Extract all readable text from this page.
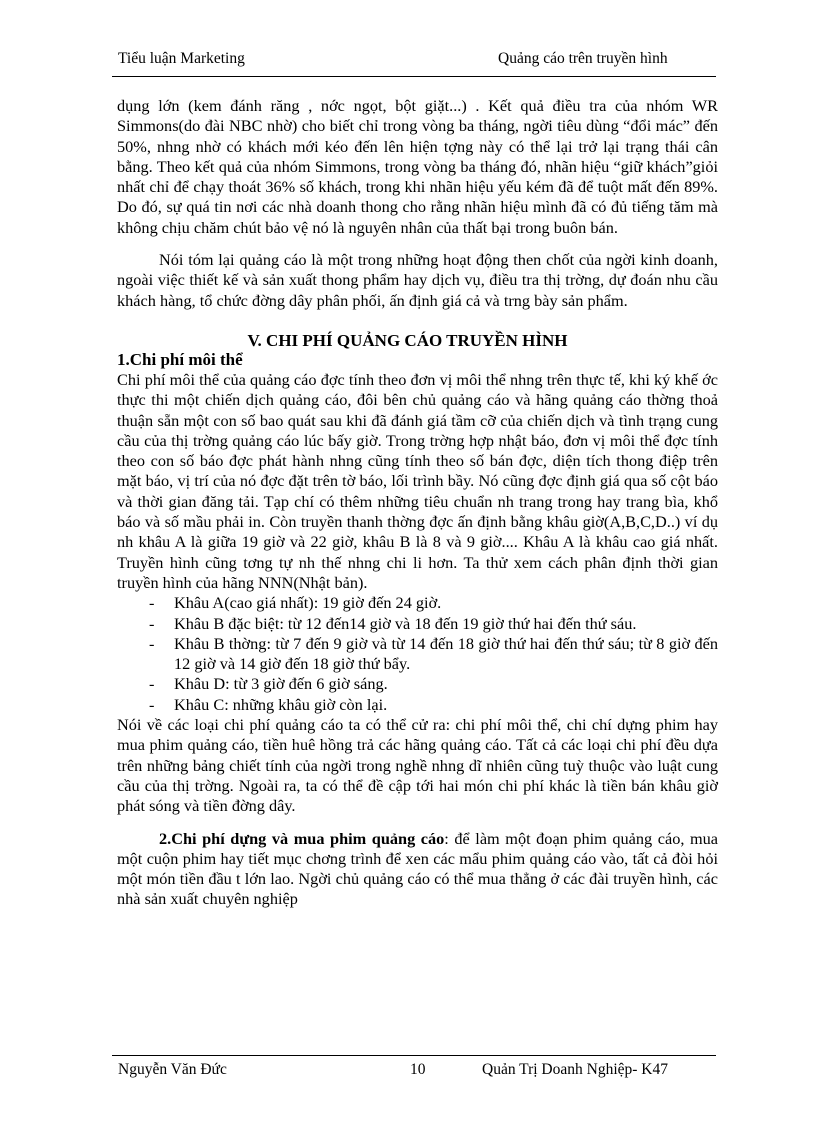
Tiểu luận Marketing	Quảng cáo trên truyền hình

dụng lớn (kem đánh răng , nớc ngọt, bột giặt...) . Kết quả điều tra của nhóm WR Simmons(do đài NBC nhờ) cho biết chỉ trong vòng ba tháng, ngời tiêu dùng “đổi mác” đến 50%, nhng nhờ có khách mới kéo đến lên hiện tợng này có thể lại trở lại trạng thái cân bằng. Theo kết quả của nhóm Simmons, trong vòng ba tháng đó, nhãn hiệu “giữ khách”giỏi nhất chỉ để chạy thoát 36% số khách, trong khi nhãn hiệu yếu kém đã để tuột mất đến 89%. Do đó, sự quá tin nơi các nhà doanh thong cho rằng nhãn hiệu mình đã có đủ tiếng tăm mà không chịu chăm chút bảo vệ nó là nguyên nhân của thất bại trong buôn bán.

Nói tóm lại quảng cáo là một trong những hoạt động then chốt của ngời kinh doanh, ngoài việc thiết kế và sản xuất thong phẩm hay dịch vụ, điều tra thị trờng, dự đoán nhu cầu khách hàng, tổ chức đờng dây phân phối, ấn định giá cả và trng bày sản phẩm.

V. CHI PHÍ QUẢNG CÁO TRUYỀN HÌNH
1.Chi phí môi thể

Chi phí môi thể của quảng cáo đợc tính theo đơn vị môi thể nhng trên thực tế, khi ký khế ớc thực thi một chiến dịch quảng cáo, đôi bên chủ quảng cáo và hãng quảng cáo thờng thoả thuận sẵn một con số bao quát sau khi đã đánh giá tầm cỡ của chiến dịch và tình trạng cung cầu của thị trờng quảng cáo lúc bấy giờ. Trong trờng hợp nhật báo, đơn vị môi thể đợc tính theo con số báo đợc phát hành nhng cũng tính theo số bán đợc, diện tích thong điệp trên mặt báo, vị trí của nó đợc đặt trên tờ báo, lối trình bầy. Nó cũng đợc định giá qua số cột báo và thời gian đăng tải. Tạp chí có thêm những tiêu chuẩn nh trang trong hay trang bìa, khổ báo và số mầu phải in. Còn truyền thanh thờng đợc ấn định bằng khâu giờ(A,B,C,D..) ví dụ nh khâu A là giữa 19 giờ và 22 giờ, khâu B là 8 và 9 giờ.... Khâu A là khâu cao giá nhất. Truyền hình cũng tơng tự nh thế nhng chi li hơn. Ta thử xem cách phân định thời gian truyền hình của hãng NNN(Nhật bản).

- Khâu A(cao giá nhất): 19 giờ đến 24 giờ.
- Khâu B đặc biệt: từ 12 đến14 giờ và 18 đến 19 giờ thứ hai đến thứ sáu.
- Khâu B thờng: từ 7 đến 9 giờ và từ 14 đến 18 giờ thứ hai đến thứ sáu; từ 8 giờ đến 12 giờ và 14 giờ đến 18 giờ thứ bẩy.
- Khâu D: từ 3 giờ đến 6 giờ sáng.
- Khâu C: những khâu giờ còn lại.

Nói về các loại chi phí quảng cáo ta có thể cử ra: chi phí môi thể, chi chí dựng phim hay mua phim quảng cáo, tiền huê hồng trả các hãng quảng cáo. Tất cả các loại chi phí đều dựa trên những bảng chiết tính của ngời trong nghề nhng dĩ nhiên cũng tuỳ thuộc vào luật cung cầu của thị trờng. Ngoài ra, ta có thể đề cập tới hai món chi phí khác là tiền bán khâu giờ phát sóng và tiền đờng dây.

2.Chi phí dựng và mua phim quảng cáo: để làm một đoạn phim quảng cáo, mua một cuộn phim hay tiết mục chơng trình để xen các mẩu phim quảng cáo vào, tất cả đòi hỏi một món tiền đầu t lớn lao. Ngời chủ quảng cáo có thể mua thẳng ở các đài truyền hình, các nhà sản xuất chuyên nghiệp

Nguyễn Văn Đức	10	Quản Trị Doanh Nghiệp- K47
